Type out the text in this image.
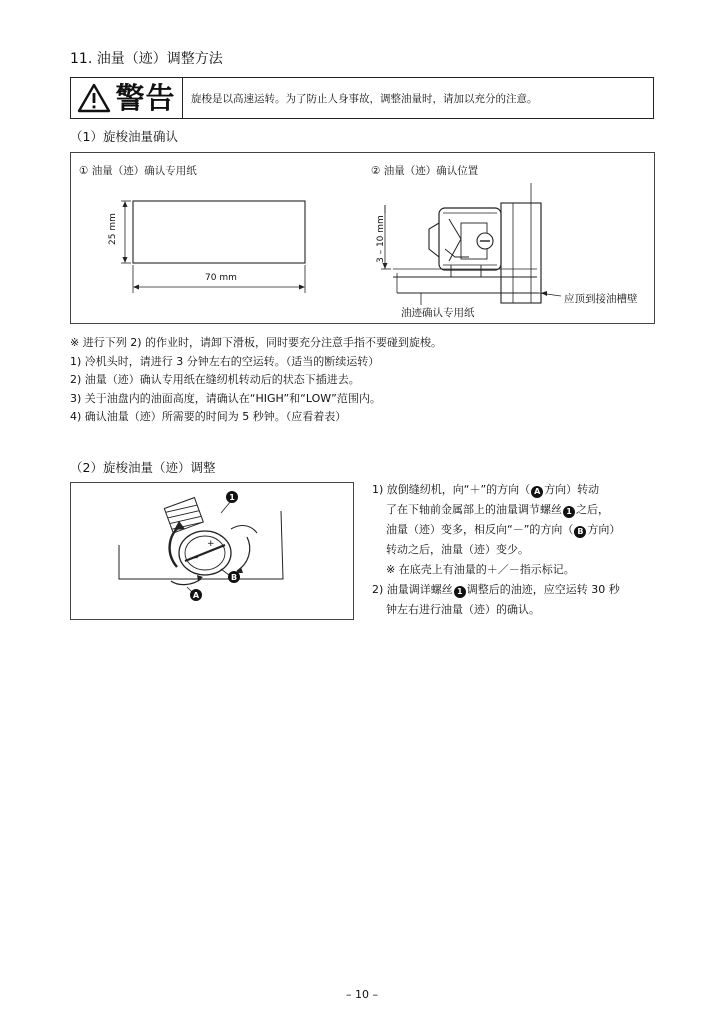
11. 油量（迹）调整方法
警告 旋梭是以高速运转。为了防止人身事故，调整油量时，请加以充分的注意。
（1）旋梭油量确认
① 油量（迹）确认专用纸	② 油量（迹）确认位置
25 mm
70 mm
3 – 10 mm
油迹确认专用纸
应顶到接油槽壁
※ 进行下列 2) 的作业时，请卸下滑板，同时要充分注意手指不要碰到旋梭。
1) 冷机头时，请进行 3 分钟左右的空运转。（适当的断续运转）
2) 油量（迹）确认专用纸在缝纫机转动后的状态下插进去。
3) 关于油盘内的油面高度，请确认在“HIGH”和“LOW”范围内。
4) 确认油量（迹）所需要的时间为 5 秒钟。（应看着表）
（2）旋梭油量（迹）调整
1
B
A
+
–
1) 放倒缝纫机，向“＋”的方向（ A 方向）转动
了在下轴前金属部上的油量调节螺丝 1 之后，
油量（迹）变多，相反向“－”的方向（ B 方向）
转动之后，油量（迹）变少。
※ 在底壳上有油量的＋／－指示标记。
2) 油量调详螺丝 1 调整后的油迹，应空运转 30 秒
钟左右进行油量（迹）的确认。
– 10 –
